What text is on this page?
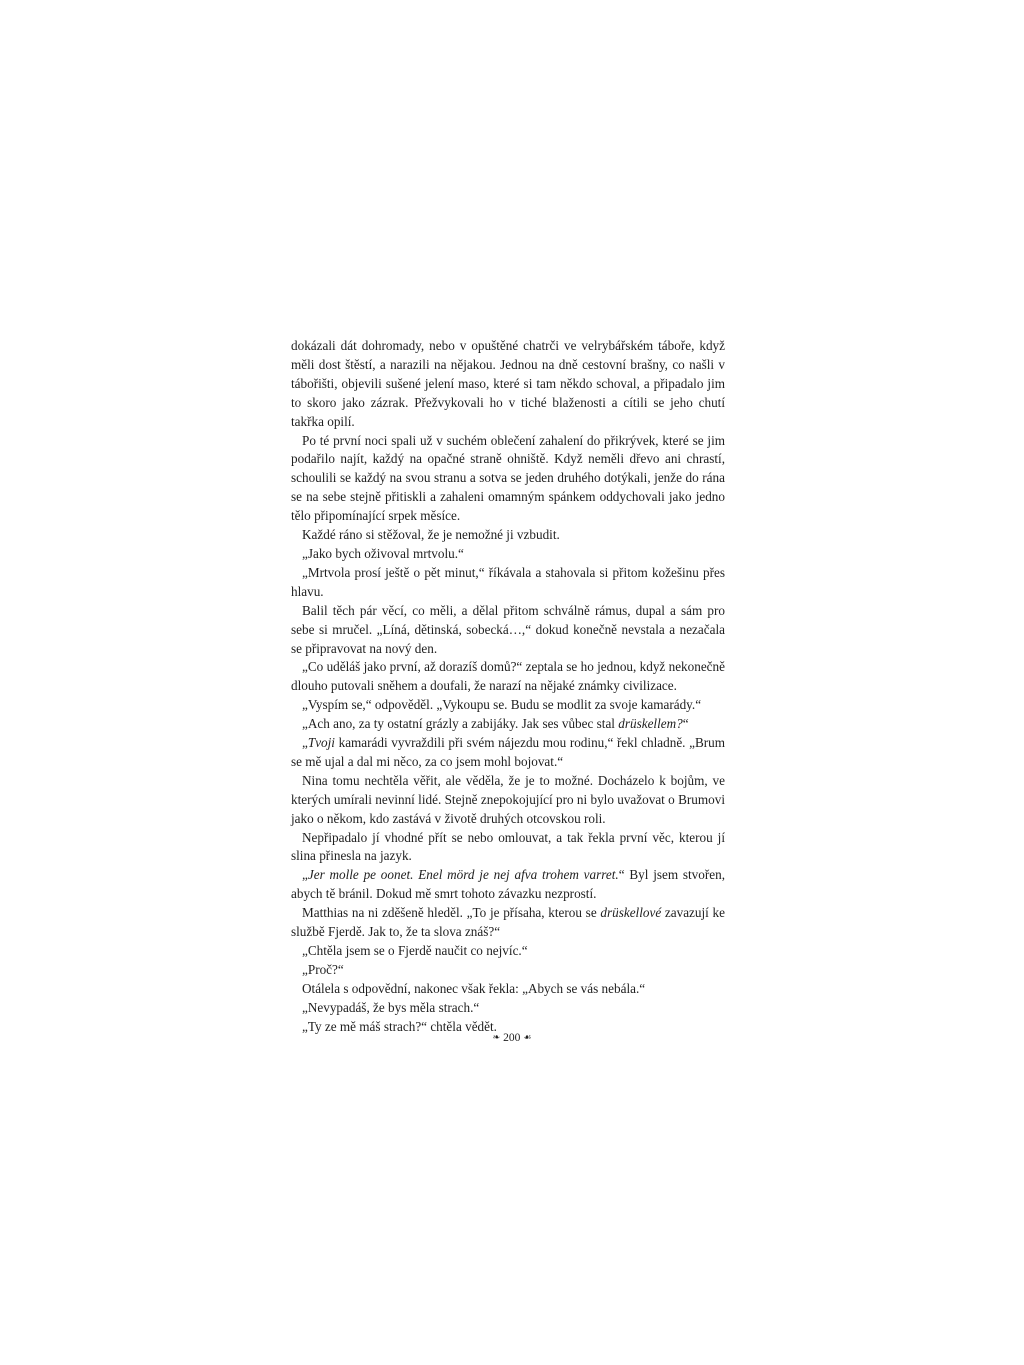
dokázali dát dohromady, nebo v opuštěné chatrči ve velrybářském táboře, když měli dost štěstí, a narazili na nějakou. Jednou na dně cestovní brašny, co našli v tábořišti, objevili sušené jelení maso, které si tam někdo schoval, a připadalo jim to skoro jako zázrak. Přežvykovali ho v tiché blaženosti a cítili se jeho chutí takřka opilí.

Po té první noci spali už v suchém oblečení zahalení do přikrývek, které se jim podařilo najít, každý na opačné straně ohniště. Když neměli dřevo ani chrastí, schoulili se každý na svou stranu a sotva se jeden druhého dotýkali, jenže do rána se na sebe stejně přitiskli a zahaleni omamným spánkem oddychovali jako jedno tělo připomínající srpek měsíce.

Každé ráno si stěžoval, že je nemožné ji vzbudit.

„Jako bych oživoval mrtvolu.“

„Mrtvola prosí ještě o pět minut,“ říkávala a stahovala si přitom kožešinu přes hlavu.

Balil těch pár věcí, co měli, a dělal přitom schválně rámus, dupal a sám pro sebe si mručel. „Líná, dětinská, sobecká…,“ dokud konečně nevstala a nezačala se připravovat na nový den.

„Co uděláš jako první, až dorazíš domů?“ zeptala se ho jednou, když nekonečně dlouho putovali sněhem a doufali, že narazí na nějaké známky civilizace.

„Vyspím se,“ odpověděl. „Vykoupu se. Budu se modlit za svoje kamarády.“

„Ach ano, za ty ostatní grázly a zabijáky. Jak ses vůbec stal drüskellem?“

„Tvoji kamarádi vyvraždili při svém nájezdu mou rodinu,“ řekl chladně. „Brum se mě ujal a dal mi něco, za co jsem mohl bojovat.“

Nina tomu nechtěla věřit, ale věděla, že je to možné. Docházelo k bojům, ve kterých umírali nevinní lidé. Stejně znepokojující pro ni bylo uvažovat o Brumovi jako o někom, kdo zastává v životě druhých otcovskou roli.

Nepřipadalo jí vhodné přít se nebo omlouvat, a tak řekla první věc, kterou jí slina přinesla na jazyk.

„Jer molle pe oonet. Enel mörd je nej afva trohem varret.“ Byl jsem stvořen, abych tě bránil. Dokud mě smrt tohoto závazku nezprostí.

Matthias na ni zděšeně hleděl. „To je přísaha, kterou se drüskellové zavazují ke službě Fjerdě. Jak to, že ta slova znáš?“

„Chtěla jsem se o Fjerdě naučit co nejvíc.“

„Proč?“

Otálela s odpovědní, nakonec však řekla: „Abych se vás nebála.“

„Nevypadáš, že bys měla strach.“

„Ty ze mě máš strach?“ chtěla vědět.

❧ 200 ☙
